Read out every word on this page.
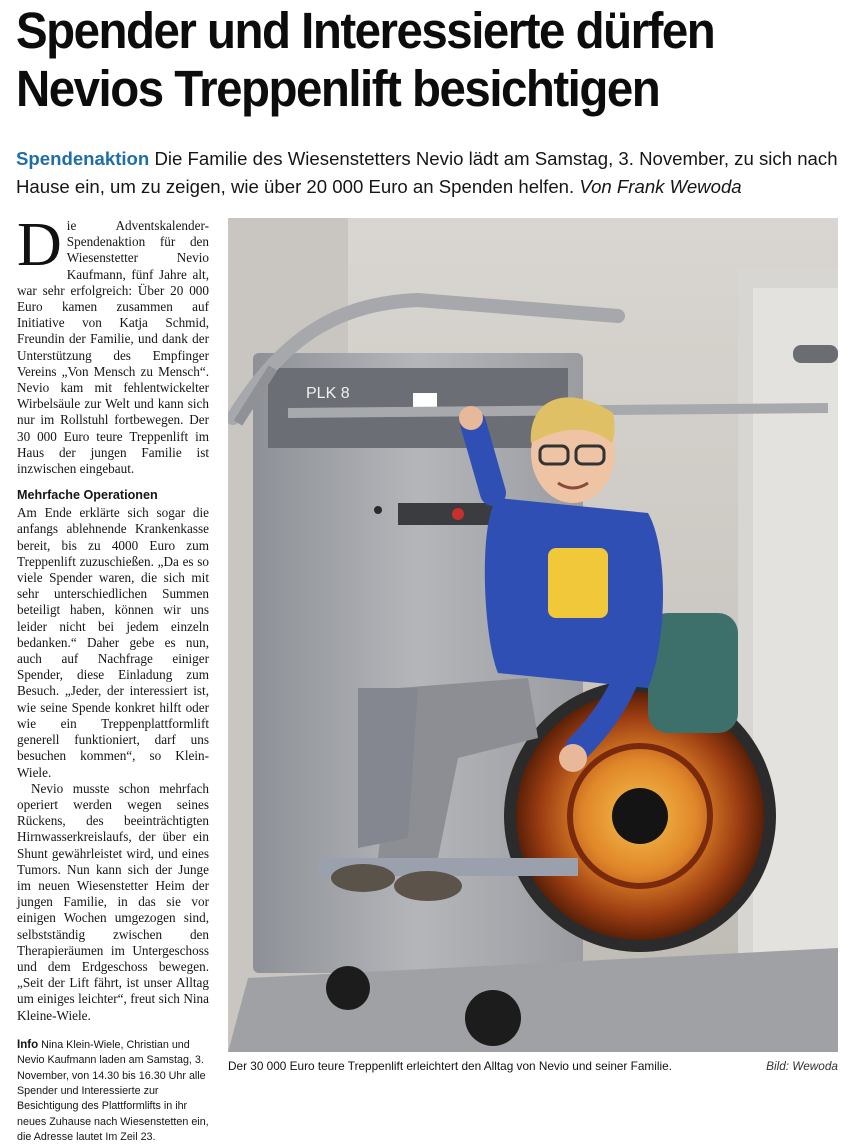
Spender und Interessierte dürfen
Nevios Treppenlift besichtigen
Spendenaktion Die Familie des Wiesenstetters Nevio lädt am Samstag, 3. November, zu sich nach Hause ein, um zu zeigen, wie über 20 000 Euro an Spenden helfen. Von Frank Wewoda

Die Adventskalender-Spendenaktion für den Wiesenstetter Nevio Kaufmann, fünf Jahre alt, war sehr erfolgreich: Über 20 000 Euro kamen zusammen auf Initiative von Katja Schmid, Freundin der Familie, und dank der Unterstützung des Empfinger Vereins „Von Mensch zu Mensch“. Nevio kam mit fehlentwickelter Wirbelsäule zur Welt und kann sich nur im Rollstuhl fortbewegen. Der 30 000 Euro teure Treppenlift im Haus der jungen Familie ist inzwischen eingebaut.

Mehrfache Operationen

Am Ende erklärte sich sogar die anfangs ablehnende Krankenkasse bereit, bis zu 4000 Euro zum Treppenlift zuzuschießen. „Da es so viele Spender waren, die sich mit sehr unterschiedlichen Summen beteiligt haben, können wir uns leider nicht bei jedem einzeln bedanken.“ Daher gebe es nun, auch auf Nachfrage einiger Spender, diese Einladung zum Besuch. „Jeder, der interessiert ist, wie seine Spende konkret hilft oder wie ein Treppenplattformlift generell funktioniert, darf uns besuchen kommen“, so Klein-Wiele.

Nevio musste schon mehrfach operiert werden wegen seines Rückens, des beeinträchtigten Hirnwasserkreislaufs, der über ein Shunt gewährleistet wird, und eines Tumors. Nun kann sich der Junge im neuen Wiesenstetter Heim der jungen Familie, in das sie vor einigen Wochen umgezogen sind, selbstständig zwischen den Therapieräumen im Untergeschoss und dem Erdgeschoss bewegen. „Seit der Lift fährt, ist unser Alltag um einiges leichter“, freut sich Nina Kleine-Wiele.

Info Nina Klein-Wiele, Christian und Nevio Kaufmann laden am Samstag, 3. November, von 14.30 bis 16.30 Uhr alle Spender und Interessierte zur Besichtigung des Plattformlifts in ihr neues Zuhause nach Wiesenstetten ein, die Adresse lautet Im Zeil 23.
PLK 8
Der 30 000 Euro teure Treppenlift erleichtert den Alltag von Nevio und seiner Familie.	Bild: Wewoda
